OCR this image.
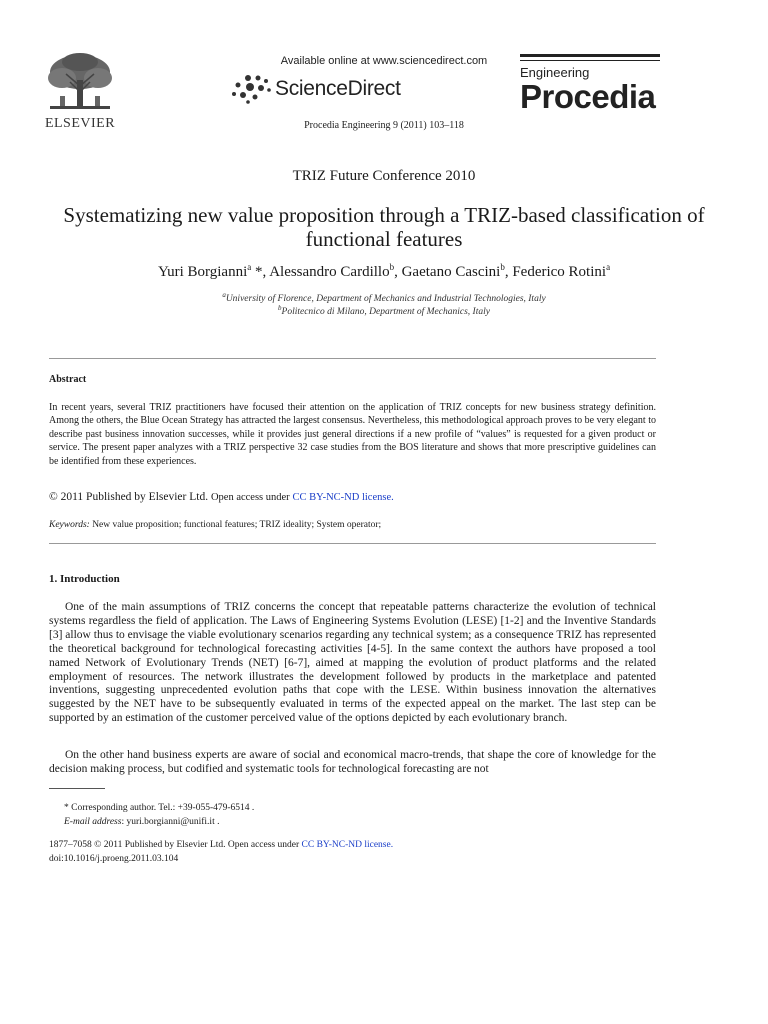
ELSEVIER
Available online at www.sciencedirect.com
ScienceDirect
Procedia Engineering 9 (2011) 103–118
Engineering
Procedia
TRIZ Future Conference 2010
Systematizing new value proposition through a TRIZ-based classification of functional features
Yuri Borgianni$^a$ *, Alessandro Cardillo$^b$, Gaetano Cascini$^b$, Federico Rotini$^a$
$^a$University of Florence, Department of Mechanics and Industrial Technologies, Italy
$^b$Politecnico di Milano, Department of Mechanics, Italy
Abstract
In recent years, several TRIZ practitioners have focused their attention on the application of TRIZ concepts for new business strategy definition. Among the others, the Blue Ocean Strategy has attracted the largest consensus. Nevertheless, this methodological approach proves to be very elegant to describe past business innovation successes, while it provides just general directions if a new profile of “values” is requested for a given product or service. The present paper analyzes with a TRIZ perspective 32 case studies from the BOS literature and shows that more prescriptive guidelines can be identified from these experiences.
© 2011 Published by Elsevier Ltd. Open access under CC BY-NC-ND license.
Keywords: New value proposition; functional features; TRIZ ideality; System operator;
1. Introduction
One of the main assumptions of TRIZ concerns the concept that repeatable patterns characterize the evolution of technical systems regardless the field of application. The Laws of Engineering Systems Evolution (LESE) [1-2] and the Inventive Standards [3] allow thus to envisage the viable evolutionary scenarios regarding any technical system; as a consequence TRIZ has represented the theoretical background for technological forecasting activities [4-5]. In the same context the authors have proposed a tool named Network of Evolutionary Trends (NET) [6-7], aimed at mapping the evolution of product platforms and the related employment of resources. The network illustrates the development followed by products in the marketplace and patented inventions, suggesting unprecedented evolution paths that cope with the LESE. Within business innovation the alternatives suggested by the NET have to be subsequently evaluated in terms of the expected appeal on the market. The last step can be supported by an estimation of the customer perceived value of the options depicted by each evolutionary branch.
On the other hand business experts are aware of social and economical macro-trends, that shape the core of knowledge for the decision making process, but codified and systematic tools for technological forecasting are not
* Corresponding author. Tel.: +39-055-479-6514 .
E-mail address: yuri.borgianni@unifi.it .
1877–7058 © 2011 Published by Elsevier Ltd. Open access under CC BY-NC-ND license.
doi:10.1016/j.proeng.2011.03.104
